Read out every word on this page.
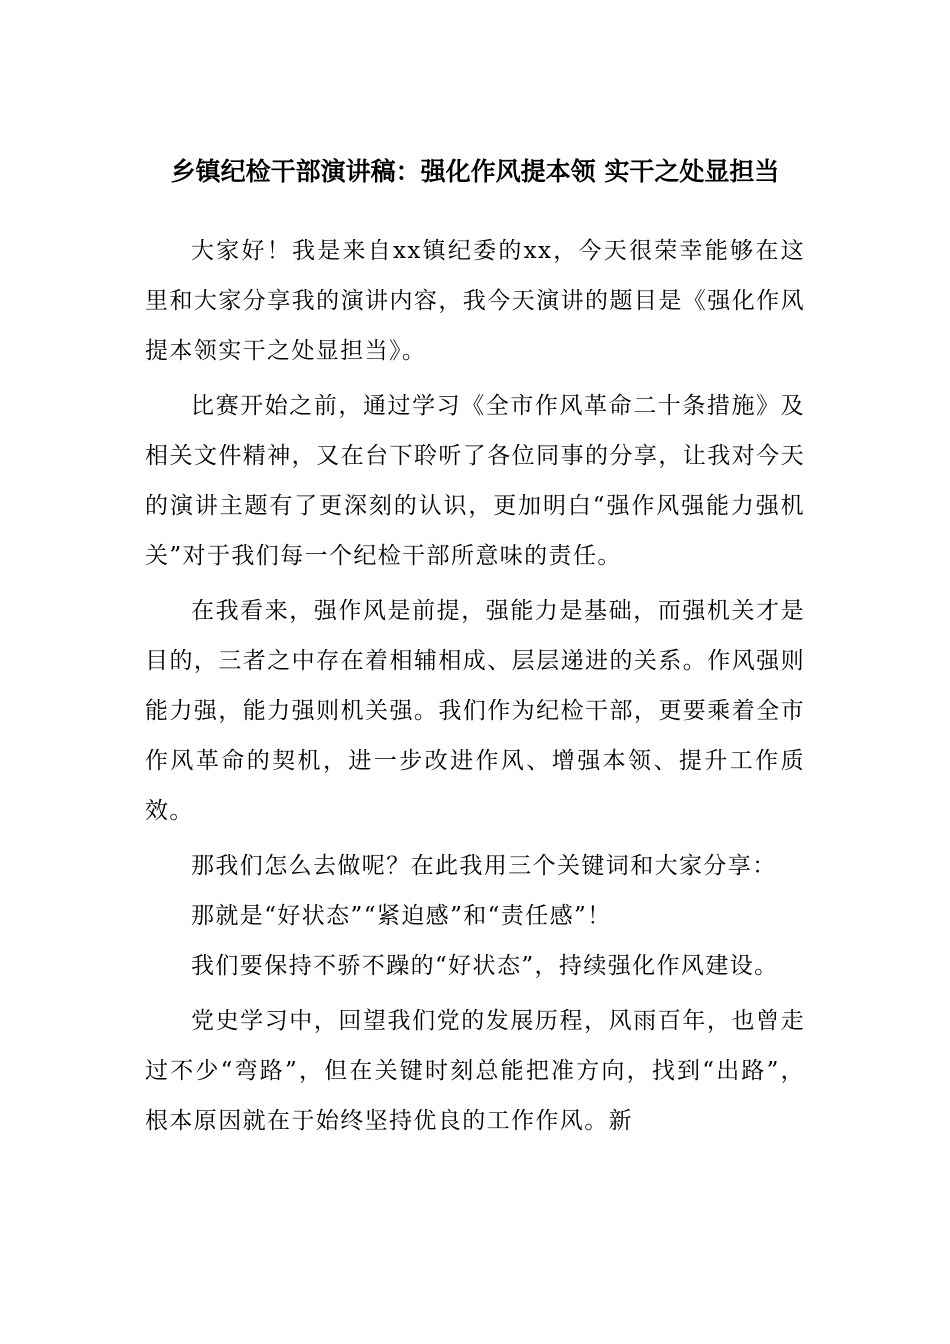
乡镇纪检干部演讲稿：强化作风提本领 实干之处显担当

大家好！我是来自xx镇纪委的xx，今天很荣幸能够在这里和大家分享我的演讲内容，我今天演讲的题目是《强化作风提本领实干之处显担当》。

比赛开始之前，通过学习《全市作风革命二十条措施》及相关文件精神，又在台下聆听了各位同事的分享，让我对今天的演讲主题有了更深刻的认识，更加明白“强作风强能力强机关”对于我们每一个纪检干部所意味的责任。

在我看来，强作风是前提，强能力是基础，而强机关才是目的，三者之中存在着相辅相成、层层递进的关系。作风强则能力强，能力强则机关强。我们作为纪检干部，更要乘着全市作风革命的契机，进一步改进作风、增强本领、提升工作质效。

那我们怎么去做呢？在此我用三个关键词和大家分享：

那就是“好状态”“紧迫感”和“责任感”！

我们要保持不骄不躁的“好状态”，持续强化作风建设。

党史学习中，回望我们党的发展历程，风雨百年，也曾走过不少“弯路”，但在关键时刻总能把准方向，找到“出路”，根本原因就在于始终坚持优良的工作作风。新
